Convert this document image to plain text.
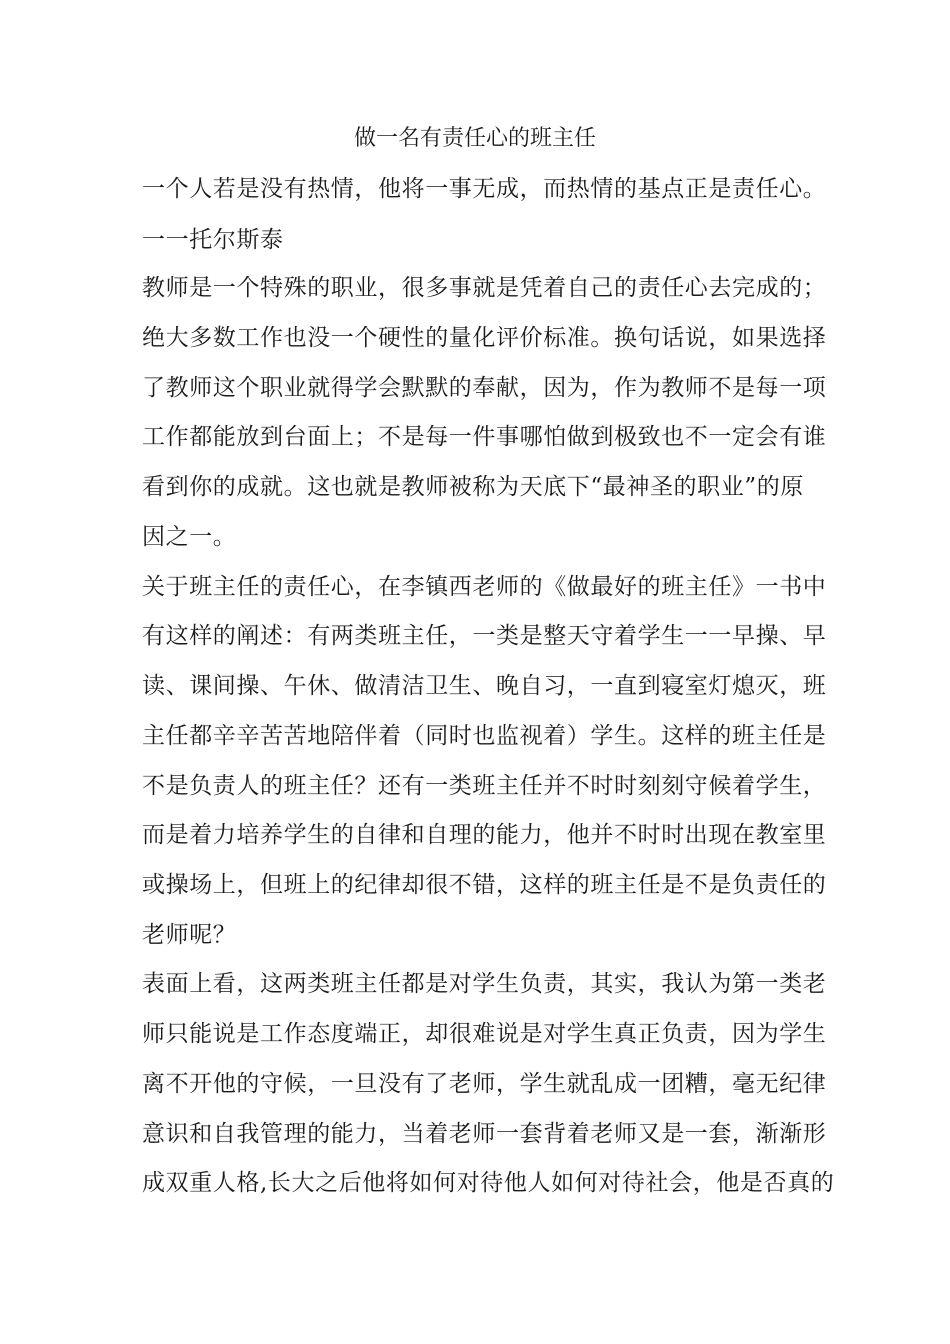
做一名有责任心的班主任
一个人若是没有热情，他将一事无成，而热情的基点正是责任心。
一一托尔斯泰
教师是一个特殊的职业，很多事就是凭着自己的责任心去完成的；
绝大多数工作也没一个硬性的量化评价标准。换句话说，如果选择
了教师这个职业就得学会默默的奉献，因为，作为教师不是每一项
工作都能放到台面上；不是每一件事哪怕做到极致也不一定会有谁
看到你的成就。这也就是教师被称为天底下“最神圣的职业”的原
因之一。
关于班主任的责任心，在李镇西老师的《做最好的班主任》一书中
有这样的阐述：有两类班主任，一类是整天守着学生一一早操、早
读、课间操、午休、做清洁卫生、晚自习，一直到寝室灯熄灭，班
主任都辛辛苦苦地陪伴着（同时也监视着）学生。这样的班主任是
不是负责人的班主任？还有一类班主任并不时时刻刻守候着学生，
而是着力培养学生的自律和自理的能力，他并不时时出现在教室里
或操场上，但班上的纪律却很不错，这样的班主任是不是负责任的
老师呢？
表面上看，这两类班主任都是对学生负责，其实，我认为第一类老
师只能说是工作态度端正，却很难说是对学生真正负责，因为学生
离不开他的守候，一旦没有了老师，学生就乱成一团糟，毫无纪律
意识和自我管理的能力，当着老师一套背着老师又是一套，渐渐形
成双重人格,长大之后他将如何对待他人如何对待社会，他是否真的
